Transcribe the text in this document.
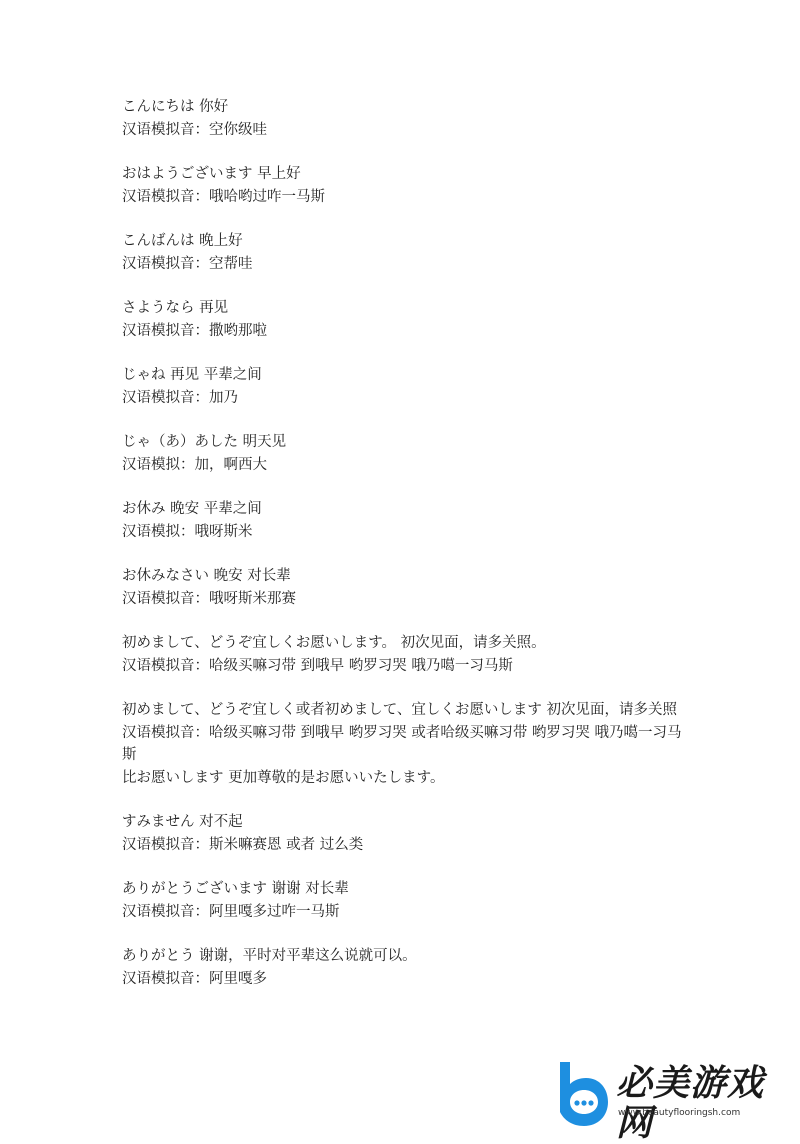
こんにちは 你好
汉语模拟音：空你级哇
おはようございます 早上好
汉语模拟音：哦哈哟过咋一马斯
こんばんは 晚上好
汉语模拟音：空帮哇
さようなら 再见
汉语模拟音：撒哟那啦
じゃね 再见 平辈之间
汉语模拟音：加乃
じゃ（あ）あした 明天见
汉语模拟：加，啊西大
お休み 晚安 平辈之间
汉语模拟：哦呀斯米
お休みなさい 晚安 对长辈
汉语模拟音：哦呀斯米那赛
初めまして、どうぞ宜しくお愿いします。 初次见面，请多关照。
汉语模拟音：哈级买嘛习带 到哦早 哟罗习哭 哦乃噶一习马斯
初めまして、どうぞ宜しく或者初めまして、宜しくお愿いします 初次见面，请多关照
汉语模拟音：哈级买嘛习带 到哦早 哟罗习哭 或者哈级买嘛习带 哟罗习哭 哦乃噶一习马斯
比お愿いします 更加尊敬的是お愿いいたします。
すみません 对不起
汉语模拟音：斯米嘛赛恩 或者 过么类
ありがとうございます 谢谢 对长辈
汉语模拟音：阿里嘎多过咋一马斯
ありがとう 谢谢，平时对平辈这么说就可以。
汉语模拟音：阿里嘎多
必美游戏网
www.beautyflooringsh.com
